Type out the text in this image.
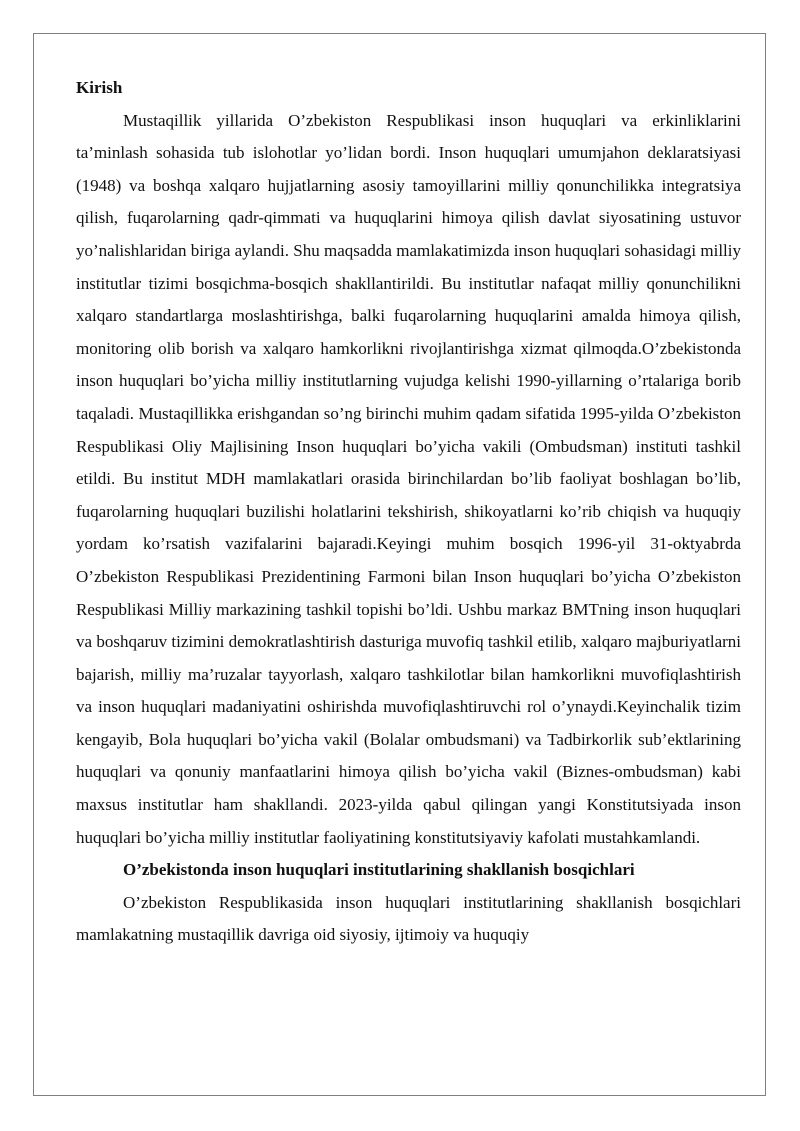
Kirish

Mustaqillik yillarida O’zbekiston Respublikasi inson huquqlari va erkinliklarini ta’minlash sohasida tub islohotlar yo’lidan bordi. Inson huquqlari umumjahon deklaratsiyasi (1948) va boshqa xalqaro hujjatlarning asosiy tamoyillarini milliy qonunchilikka integratsiya qilish, fuqarolarning qadr-qimmati va huquqlarini himoya qilish davlat siyosatining ustuvor yo’nalishlaridan biriga aylandi. Shu maqsadda mamlakatimizda inson huquqlari sohasidagi milliy institutlar tizimi bosqichma-bosqich shakllantirildi. Bu institutlar nafaqat milliy qonunchilikni xalqaro standartlarga moslashtirishga, balki fuqarolarning huquqlarini amalda himoya qilish, monitoring olib borish va xalqaro hamkorlikni rivojlantirishga xizmat qilmoqda.O’zbekistonda inson huquqlari bo’yicha milliy institutlarning vujudga kelishi 1990-yillarning o’rtalariga borib taqaladi. Mustaqillikka erishgandan so’ng birinchi muhim qadam sifatida 1995-yilda O’zbekiston Respublikasi Oliy Majlisining Inson huquqlari bo’yicha vakili (Ombudsman) instituti tashkil etildi. Bu institut MDH mamlakatlari orasida birinchilardan bo’lib faoliyat boshlagan bo’lib, fuqarolarning huquqlari buzilishi holatlarini tekshirish, shikoyatlarni ko’rib chiqish va huquqiy yordam ko’rsatish vazifalarini bajaradi.Keyingi muhim bosqich 1996-yil 31-oktyabrda O’zbekiston Respublikasi Prezidentining Farmoni bilan Inson huquqlari bo’yicha O’zbekiston Respublikasi Milliy markazining tashkil topishi bo’ldi. Ushbu markaz BMTning inson huquqlari va boshqaruv tizimini demokratlashtirish dasturiga muvofiq tashkil etilib, xalqaro majburiyatlarni bajarish, milliy ma’ruzalar tayyorlash, xalqaro tashkilotlar bilan hamkorlikni muvofiqlashtirish va inson huquqlari madaniyatini oshirishda muvofiqlashtiruvchi rol o’ynaydi.Keyinchalik tizim kengayib, Bola huquqlari bo’yicha vakil (Bolalar ombudsmani) va Tadbirkorlik sub’ektlarining huquqlari va qonuniy manfaatlarini himoya qilish bo’yicha vakil (Biznes-ombudsman) kabi maxsus institutlar ham shakllandi. 2023-yilda qabul qilingan yangi Konstitutsiyada inson huquqlari bo’yicha milliy institutlar faoliyatining konstitutsiyaviy kafolati mustahkamlandi.

O’zbekistonda inson huquqlari institutlarining shakllanish bosqichlari

O’zbekiston Respublikasida inson huquqlari institutlarining shakllanish bosqichlari mamlakatning mustaqillik davriga oid siyosiy, ijtimoiy va huquqiy
